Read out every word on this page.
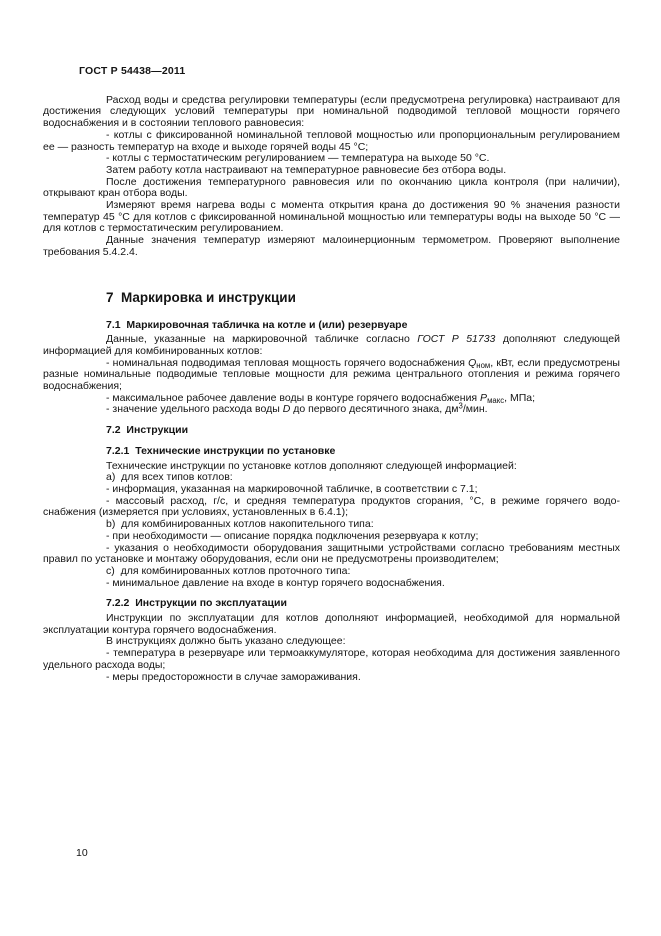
ГОСТ Р 54438—2011

Расход воды и средства регулировки температуры (если предусмотрена регулировка) настраивают для достижения следующих условий температуры при номинальной подводимой тепловой мощности горячего водоснабжения и в состоянии теплового равновесия:

- котлы с фиксированной номинальной тепловой мощностью или пропорциональным регулированием ее — разность температур на входе и выходе горячей воды 45 °С;

- котлы с термостатическим регулированием — температура на выходе 50 °С.

Затем работу котла настраивают на температурное равновесие без отбора воды.

После достижения температурного равновесия или по окончанию цикла контроля (при наличии), открывают кран отбора воды.

Измеряют время нагрева воды с момента открытия крана до достижения 90 % значения разности температур 45 °С для котлов с фиксированной номинальной мощностью или температуры воды на выходе 50 °С — для котлов с термостатическим регулированием.

Данные значения температур измеряют малоинерционным термометром. Проверяют выполнение требования 5.4.2.4.

7  Маркировка и инструкции

7.1  Маркировочная табличка на котле и (или) резервуаре

Данные, указанные на маркировочной табличке согласно ГОСТ Р 51733 дополняют следующей информацией для комбинированных котлов:

- номинальная подводимая тепловая мощность горячего водоснабжения $Q_{ном}$, кВт, если предусмотрены разные номинальные подводимые тепловые мощности для режима центрального отопления и режима горячего водоснабжения;

- максимальное рабочее давление воды в контуре горячего водоснабжения $P_{макс}$, МПа;

- значение удельного расхода воды D до первого десятичного знака, $дм^3$/мин.

7.2  Инструкции

7.2.1  Технические инструкции по установке

Технические инструкции по установке котлов дополняют следующей информацией:

a)  для всех типов котлов:

- информация, указанная на маркировочной табличке, в соответствии с 7.1;

- массовый расход, г/с, и средняя температура продуктов сгорания, °С, в режиме горячего водоснабжения (измеряется при условиях, установленных в 6.4.1);

b)  для комбинированных котлов накопительного типа:

- при необходимости — описание порядка подключения резервуара к котлу;

- указания о необходимости оборудования защитными устройствами согласно требованиям местных правил по установке и монтажу оборудования, если они не предусмотрены производителем;

c)  для комбинированных котлов проточного типа:

- минимальное давление на входе в контур горячего водоснабжения.

7.2.2  Инструкции по эксплуатации

Инструкции по эксплуатации для котлов дополняют информацией, необходимой для нормальной эксплуатации контура горячего водоснабжения.

В инструкциях должно быть указано следующее:

- температура в резервуаре или термоаккумуляторе, которая необходима для достижения заявленного удельного расхода воды;

- меры предосторожности в случае замораживания.

10
